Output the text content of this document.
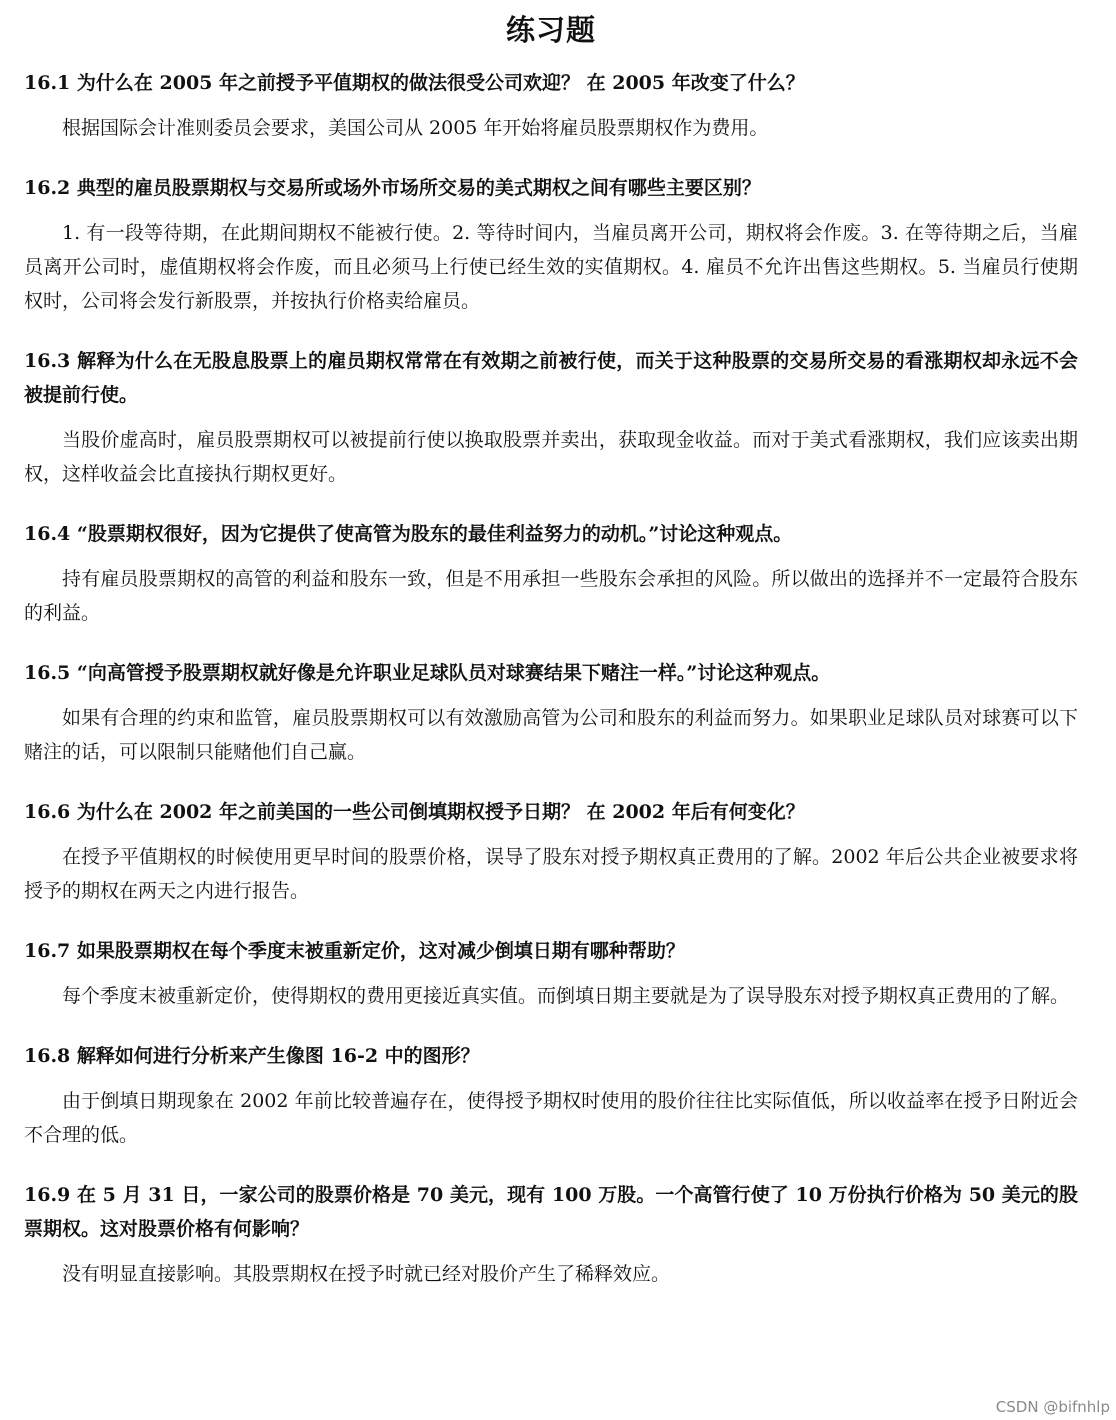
练习题

16.1 为什么在 2005 年之前授予平值期权的做法很受公司欢迎？ 在 2005 年改变了什么？

根据国际会计准则委员会要求，美国公司从 2005 年开始将雇员股票期权作为费用。

16.2 典型的雇员股票期权与交易所或场外市场所交易的美式期权之间有哪些主要区别？

1. 有一段等待期，在此期间期权不能被行使。2. 等待时间内，当雇员离开公司，期权将会作废。3. 在等待期之后，当雇员离开公司时，虚值期权将会作废，而且必须马上行使已经生效的实值期权。4. 雇员不允许出售这些期权。5. 当雇员行使期权时，公司将会发行新股票，并按执行价格卖给雇员。

16.3 解释为什么在无股息股票上的雇员期权常常在有效期之前被行使，而关于这种股票的交易所交易的看涨期权却永远不会被提前行使。

当股价虚高时，雇员股票期权可以被提前行使以换取股票并卖出，获取现金收益。而对于美式看涨期权，我们应该卖出期权，这样收益会比直接执行期权更好。

16.4 “股票期权很好，因为它提供了使高管为股东的最佳利益努力的动机。”讨论这种观点。

持有雇员股票期权的高管的利益和股东一致，但是不用承担一些股东会承担的风险。所以做出的选择并不一定最符合股东的利益。

16.5 “向高管授予股票期权就好像是允许职业足球队员对球赛结果下赌注一样。”讨论这种观点。

如果有合理的约束和监管，雇员股票期权可以有效激励高管为公司和股东的利益而努力。如果职业足球队员对球赛可以下赌注的话，可以限制只能赌他们自己赢。

16.6 为什么在 2002 年之前美国的一些公司倒填期权授予日期？ 在 2002 年后有何变化？

在授予平值期权的时候使用更早时间的股票价格，误导了股东对授予期权真正费用的了解。2002 年后公共企业被要求将授予的期权在两天之内进行报告。

16.7 如果股票期权在每个季度末被重新定价，这对减少倒填日期有哪种帮助？

每个季度末被重新定价，使得期权的费用更接近真实值。而倒填日期主要就是为了误导股东对授予期权真正费用的了解。

16.8 解释如何进行分析来产生像图 16-2 中的图形？

由于倒填日期现象在 2002 年前比较普遍存在，使得授予期权时使用的股价往往比实际值低，所以收益率在授予日附近会不合理的低。

16.9 在 5 月 31 日，一家公司的股票价格是 70 美元，现有 100 万股。一个高管行使了 10 万份执行价格为 50 美元的股票期权。这对股票价格有何影响？

没有明显直接影响。其股票期权在授予时就已经对股价产生了稀释效应。

CSDN @bifnhlp
